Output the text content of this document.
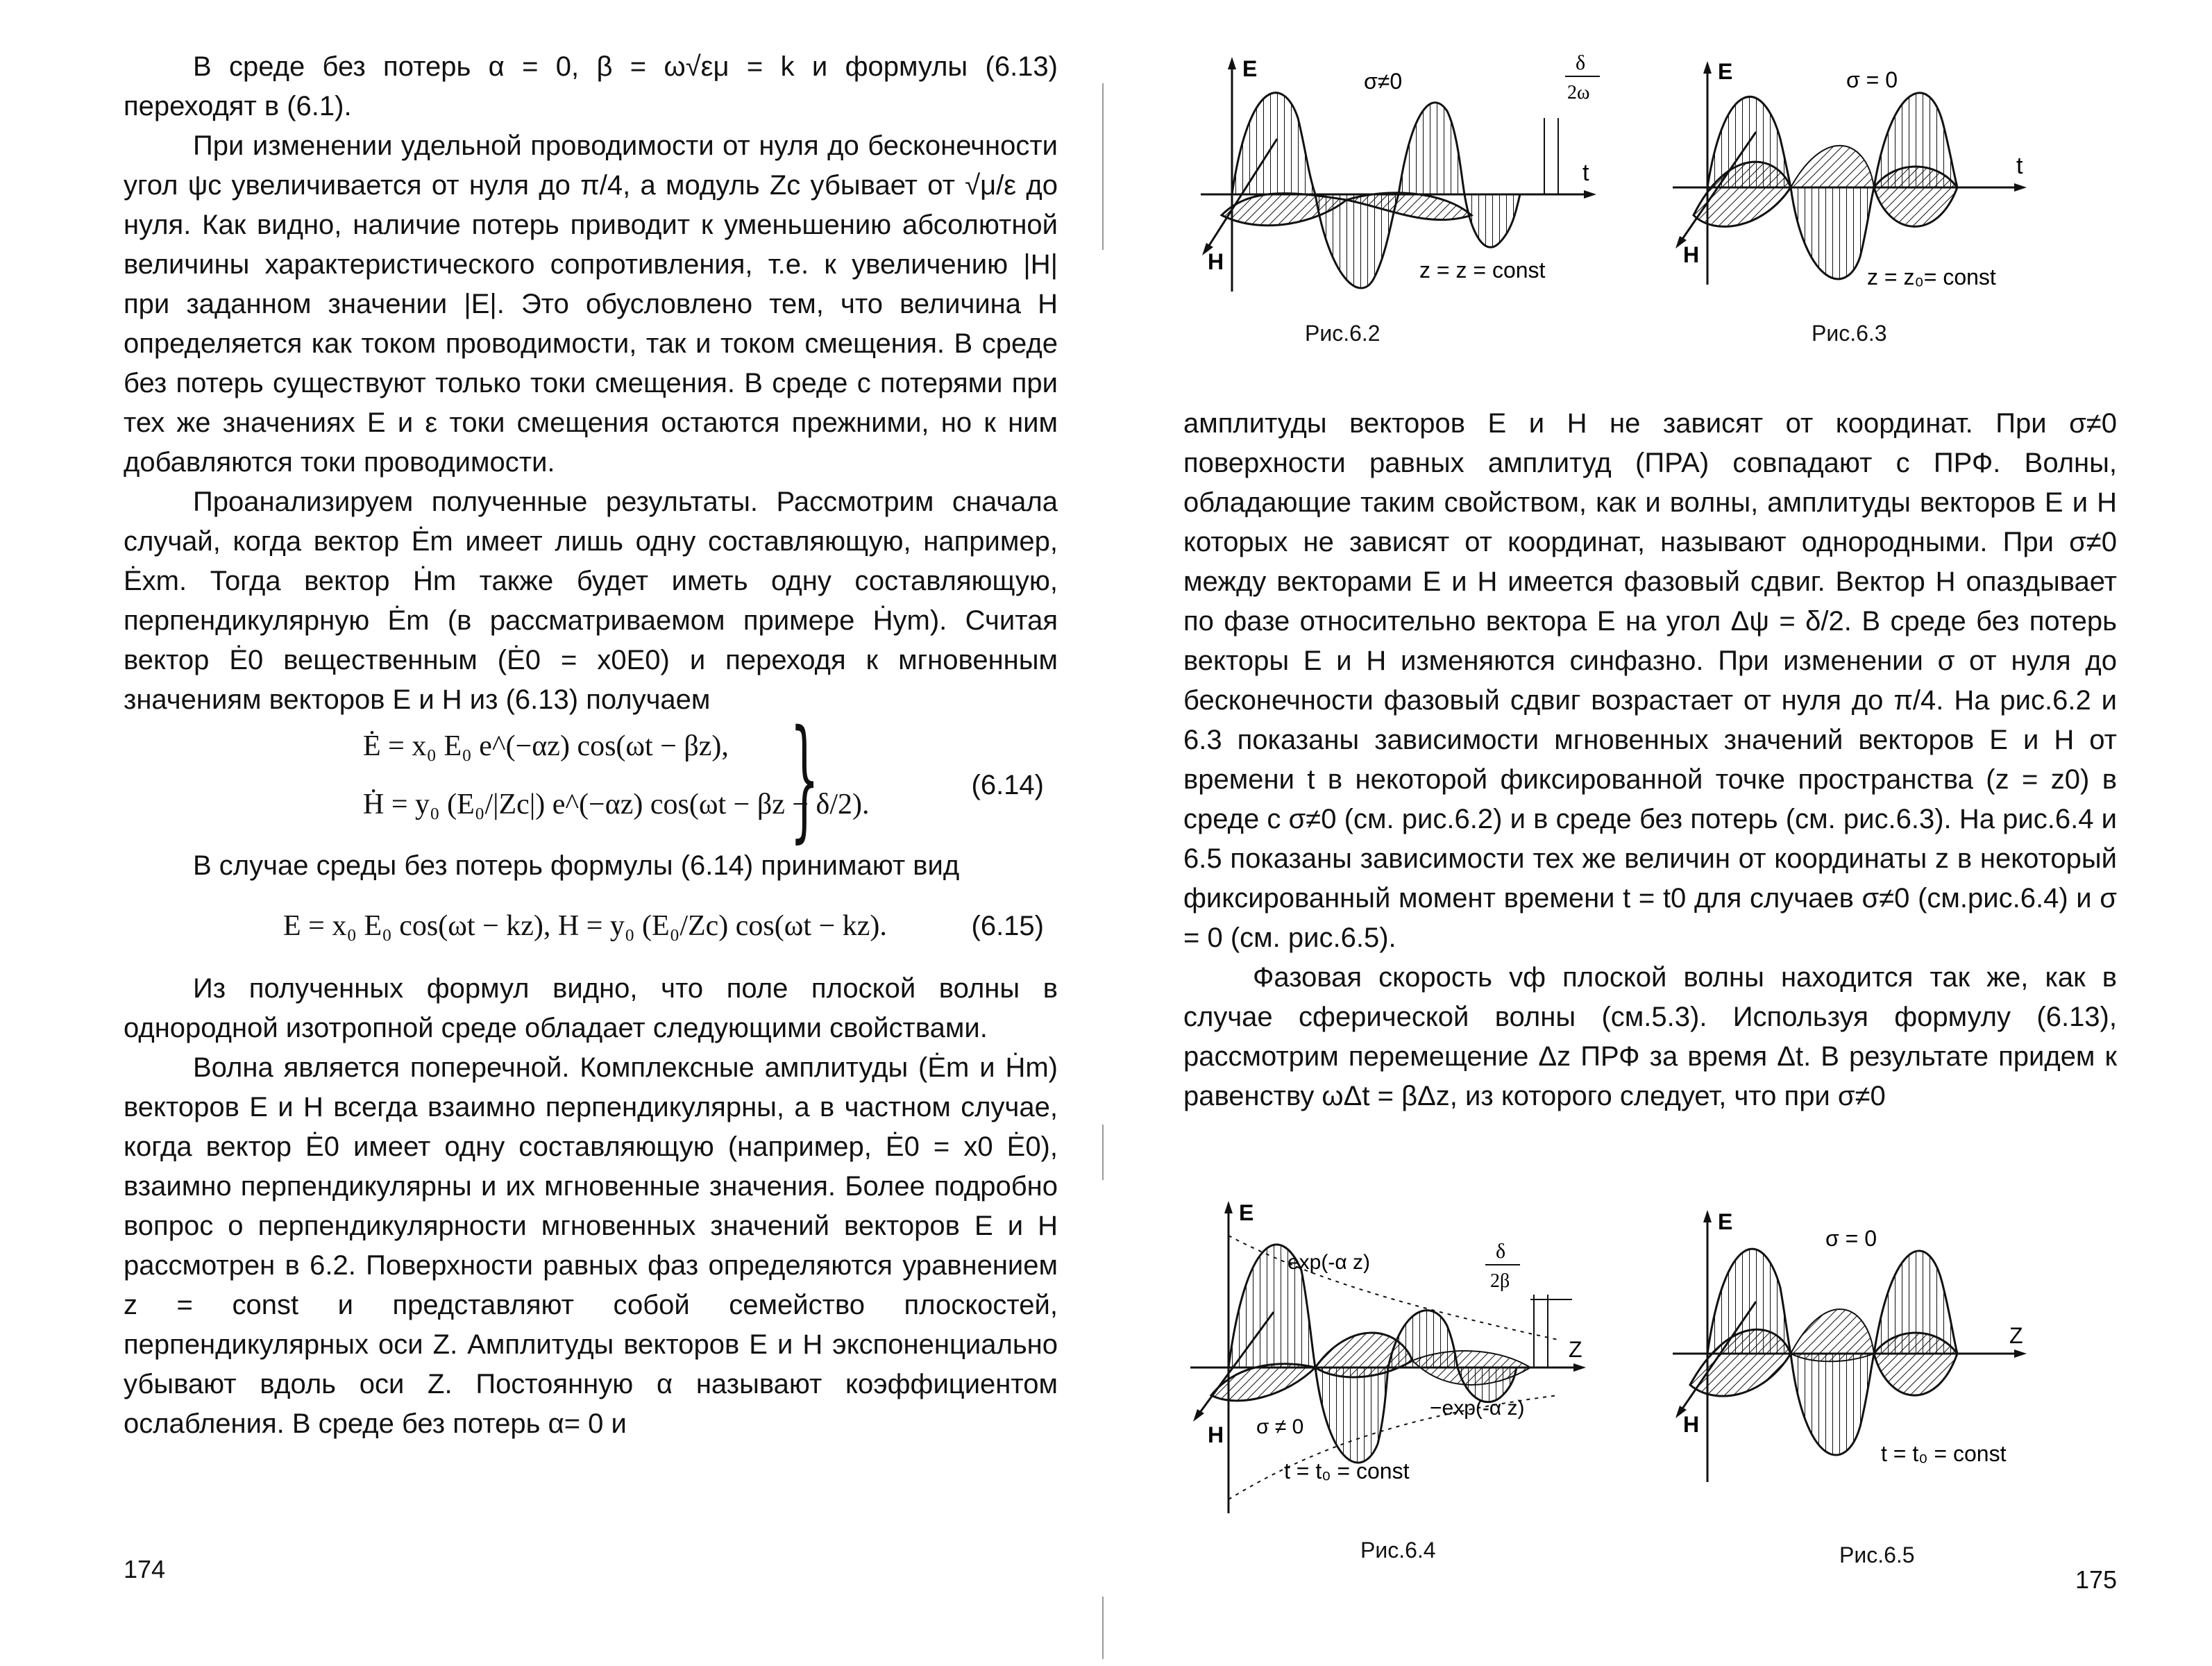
В среде без потерь α = 0, β = ω√εμ = k и формулы (6.13) переходят в (6.1).

При изменении удельной проводимости от нуля до бесконечности угол ψc увеличивается от нуля до π/4, а модуль Zc убывает от √μ/ε до нуля. Как видно, наличие потерь приводит к уменьшению абсолютной величины характеристического сопротивления, т.е. к увеличению |H| при заданном значении |E|. Это обусловлено тем, что величина H определяется как током проводимости, так и током смещения. В среде без потерь существуют только токи смещения. В среде с потерями при тех же значениях E и ε токи смещения остаются прежними, но к ним добавляются токи проводимости.

Проанализируем полученные результаты. Рассмотрим сначала случай, когда вектор Ėm имеет лишь одну составляющую, например, Ėxm. Тогда вектор Ḣm также будет иметь одну составляющую, перпендикулярную Ėm (в рассматриваемом примере Ḣym). Считая вектор Ė0 вещественным (Ė0 = x0E0) и переходя к мгновенным значениям векторов E и H из (6.13) получаем

Ė = x₀ E₀ e^(−αz) cos(ωt − βz),
Ḣ = y₀ (E₀/|Zc|) e^(−αz) cos(ωt − βz − δ/2).
}	(6.14)

В случае среды без потерь формулы (6.14) принимают вид

E = x₀ E₀ cos(ωt − kz), H = y₀ (E₀/Zc) cos(ωt − kz).	(6.15)

Из полученных формул видно, что поле плоской волны в однородной изотропной среде обладает следующими свойствами.

Волна является поперечной. Комплексные амплитуды (Ėm и Ḣm) векторов E и H всегда взаимно перпендикулярны, а в частном случае, когда вектор Ė0 имеет одну составляющую (например, Ė0 = x0 Ė0), взаимно перпендикулярны и их мгновенные значения. Более подробно вопрос о перпендикулярности мгновенных значений векторов E и H рассмотрен в 6.2. Поверхности равных фаз определяются уравнением z = const и представляют собой семейство плоскостей, перпендикулярных оси Z. Амплитуды векторов E и H экспоненциально убывают вдоль оси Z. Постоянную α называют коэффициентом ослабления. В среде без потерь α= 0 и

174
E
H
t
σ≠0
δ
2ω
z = z = const
Рис.6.2
E
H
t
σ = 0
z = z₀= const
Рис.6.3

амплитуды векторов E и H не зависят от координат. При σ≠0 поверхности равных амплитуд (ПРА) совпадают с ПРФ. Волны, обладающие таким свойством, как и волны, амплитуды векторов E и H которых не зависят от координат, называют однородными. При σ≠0 между векторами E и H имеется фазовый сдвиг. Вектор H опаздывает по фазе относительно вектора E на угол Δψ = δ/2. В среде без потерь векторы E и H изменяются синфазно. При изменении σ от нуля до бесконечности фазовый сдвиг возрастает от нуля до π/4. На рис.6.2 и 6.3 показаны зависимости мгновенных значений векторов E и H от времени t в некоторой фиксированной точке пространства (z = z0) в среде с σ≠0 (см. рис.6.2) и в среде без потерь (см. рис.6.3). На рис.6.4 и 6.5 показаны зависимости тех же величин от координаты z в некоторый фиксированный момент времени t = t0 для случаев σ≠0 (см.рис.6.4) и σ = 0 (см. рис.6.5).

Фазовая скорость vф плоской волны находится так же, как в случае сферической волны (см.5.3). Используя формулу (6.13), рассмотрим перемещение Δz ПРФ за время Δt. В результате придем к равенству ωΔt = βΔz, из которого следует, что при σ≠0

E
H
Z
exp(-α z)
−exp(-α z)
σ ≠ 0
δ
2β
t = t₀ = const
Рис.6.4
E
H
Z
σ = 0
t = t₀ = const
Рис.6.5
175
